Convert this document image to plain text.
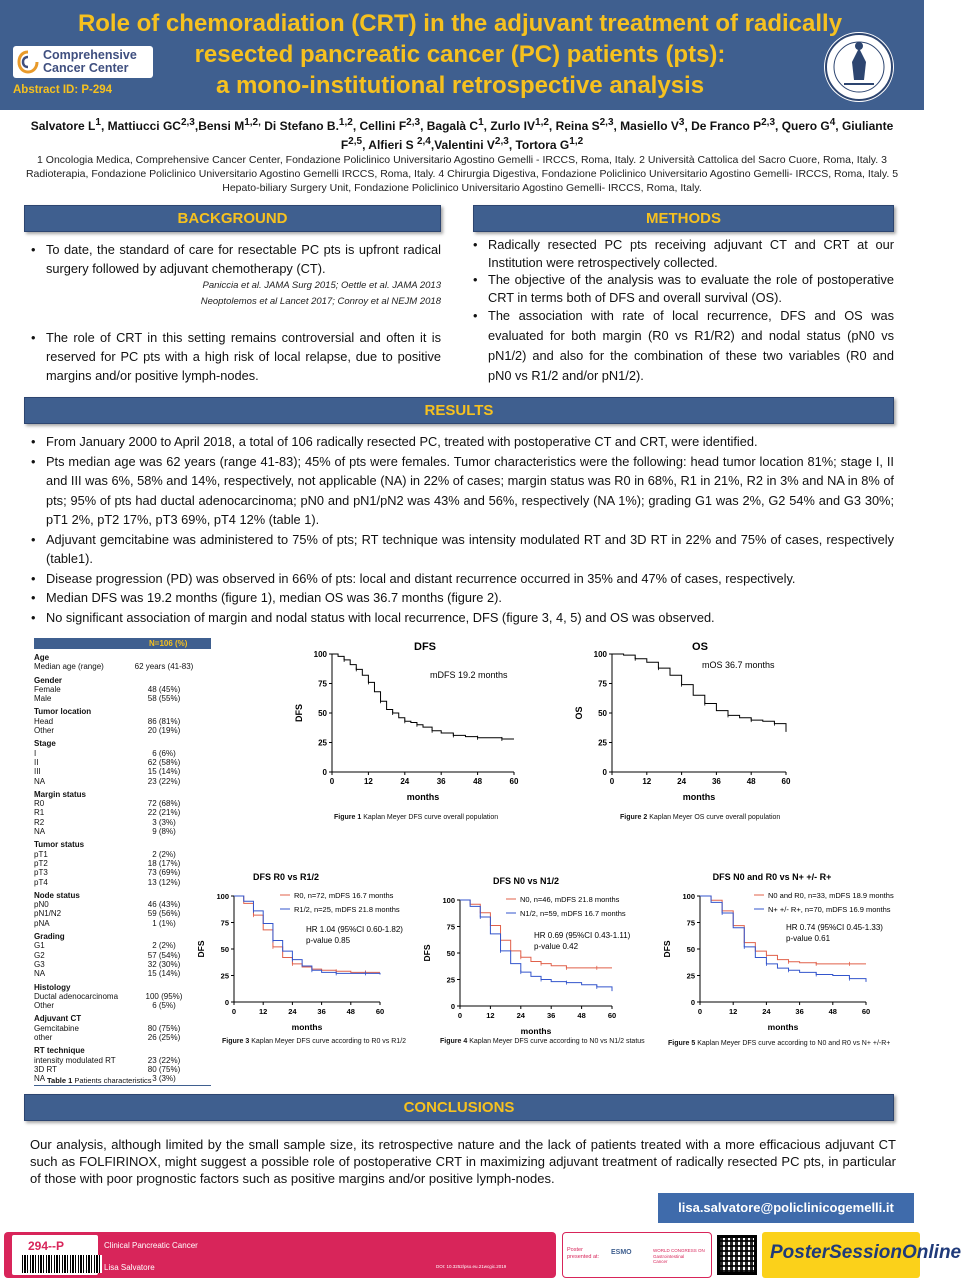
Comprehensive
Cancer Center
Abstract ID: P-294
Role of chemoradiation (CRT) in the adjuvant treatment of radically
resected pancreatic cancer (PC) patients (pts):
a mono-institutional retrospective analysis
Salvatore $L^1$, Mattiucci GC$^{2,3}$,Bensi $M^{1,2,}$ Di Stefano B.$^{1,2}$, Cellini F$^{2,3}$, Bagalà $C^1$, Zurlo IV$^{1,2}$, Reina S$^{2,3}$, Masiello $V^3$, De Franco P$^{2,3}$, Quero $G^4$, Giuliante F$^{2,5}$, Alfieri S $^{2,4}$,Valentini V$^{2,3}$, Tortora G$^{1,2}$
1 Oncologia Medica, Comprehensive Cancer Center, Fondazione Policlinico Universitario Agostino Gemelli - IRCCS, Roma, Italy. 2 Università Cattolica del Sacro Cuore, Roma, Italy. 3 Radioterapia, Fondazione Policlinico Universitario Agostino Gemelli IRCCS, Roma, Italy. 4 Chirurgia Digestiva, Fondazione Policlinico Universitario Agostino Gemelli- IRCCS, Roma, Italy. 5 Hepato-biliary Surgery Unit, Fondazione Policlinico Universitario Agostino Gemelli- IRCCS, Roma, Italy.
BACKGROUND
• To date, the standard of care for resectable PC pts is upfront radical surgery followed by adjuvant chemotherapy (CT).
Paniccia et al. JAMA Surg 2015; Oettle et al. JAMA 2013
Neoptolemos et al Lancet 2017; Conroy et al NEJM 2018
• The role of CRT in this setting remains controversial and often it is reserved for PC pts with a high risk of local relapse, due to positive margins and/or positive lymph-nodes.
METHODS
• Radically resected PC pts receiving adjuvant CT and CRT at our Institution were retrospectively collected.
• The objective of the analysis was to evaluate the role of postoperative CRT in terms both of DFS and overall survival (OS).
• The association with rate of local recurrence, DFS and OS was evaluated for both margin (R0 vs R1/R2) and nodal status (pN0 vs pN1/2) and also for the combination of these two variables (R0 and pN0 vs R1/2 and/or pN1/2).
RESULTS
• From January 2000 to April 2018, a total of 106 radically resected PC, treated with postoperative CT and CRT, were identified.
• Pts median age was 62 years (range 41-83); 45% of pts were females. Tumor characteristics were the following: head tumor location 81%; stage I, II and III was 6%, 58% and 14%, respectively, not applicable (NA) in 22% of cases; margin status was R0 in 68%, R1 in 21%, R2 in 3% and NA in 8% of pts; 95% of pts had ductal adenocarcinoma; pN0 and pN1/pN2 was 43% and 56%, respectively (NA 1%); grading G1 was 2%, G2 54% and G3 30%; pT1 2%, pT2 17%, pT3 69%, pT4 12% (table 1).
• Adjuvant gemcitabine was administered to 75% of pts; RT technique was intensity modulated RT and 3D RT in 22% and 75% of cases, respectively (table1).
• Disease progression (PD) was observed in 66% of pts: local and distant recurrence occurred in 35% and 47% of cases, respectively.
• Median DFS was 19.2 months (figure 1), median OS was 36.7 months (figure 2).
• No significant association of margin and nodal status with local recurrence, DFS (figure 3, 4, 5) and OS was observed.
N=106 (%)
Age
Median age (range)	62 years (41-83)
Gender
Female	48 (45%)
Male	58 (55%)
Tumor location
Head	86 (81%)
Other	20 (19%)
Stage
I	6 (6%)
II	62 (58%)
III	15 (14%)
NA	23 (22%)
Margin status
R0	72 (68%)
R1	22 (21%)
R2	3 (3%)
NA	9 (8%)
Tumor status
pT1	2 (2%)
pT2	18 (17%)
pT3	73 (69%)
pT4	13 (12%)
Node status
pN0	46 (43%)
pN1/N2	59 (56%)
pNA	1 (1%)
Grading
G1	2 (2%)
G2	57 (54%)
G3	32 (30%)
NA	15 (14%)
Histology
Ductal adenocarcinoma	100 (95%)
Other	6 (5%)
Adjuvant CT
Gemcitabine	80 (75%)
other	26 (25%)
RT technique
intensity modulated RT	23 (22%)
3D RT	80 (75%)
NA	3 (3%)
Table 1 Patients characteristics
DFS
0	12	24	36	48	60
0
25
50
75
100
months
DFS
mDFS 19.2 months
Figure 1 Kaplan Meyer DFS curve overall population
OS
0	12	24	36	48	60
0
25
50
75
100
months
OS
mOS 36.7 months
Figure 2 Kaplan Meyer OS curve overall population
DFS R0 vs R1/2
0	12	24	36	48	60
0
25
50
75
100
months
DFS
R0, n=72, mDFS 16.7 months
R1/2, n=25, mDFS 21.8 months
HR 1.04 (95%CI 0.60-1.82)
p-value 0.85
Figure 3 Kaplan Meyer DFS curve according to R0 vs R1/2
DFS N0 vs N1/2
0	12	24	36	48	60
0
25
50
75
100
months
DFS
N0, n=46, mDFS 21.8 months
N1/2, n=59, mDFS 16.7 months
HR 0.69 (95%CI 0.43-1.11)
p-value 0.42
Figure 4 Kaplan Meyer DFS curve according to N0 vs N1/2 status
DFS N0 and R0 vs N+ +/- R+
0	12	24	36	48	60
0
25
50
75
100
months
DFS
N0 and R0, n=33, mDFS 18.9 months
N+ +/- R+, n=70, mDFS 16.9 months
HR 0.74 (95%CI 0.45-1.33)
p-value 0.61
Figure 5 Kaplan Meyer DFS curve according to N0 and R0 vs N+ +/-R+
CONCLUSIONS
Our analysis, although limited by the small sample size, its retrospective nature and the lack of patients treated with a more efficacious adjuvant CT such as FOLFIRINOX, might suggest a possible role of postoperative CRT in maximizing adjuvant treatment of radically resected PC pts, in particular of those with poor prognostic factors such as positive margins and/or positive lymph-nodes.
lisa.salvatore@policlinicogemelli.it
294--P
21WCGIC
Clinical Pancreatic Cancer
Lisa Salvatore	DOI: 10.3252/pso.eu.21wcgic.2019
Poster
presented at:
ESMO	WORLD CONGRESS ON
Gastrointestinal
Cancer	PosterSessionOnline
